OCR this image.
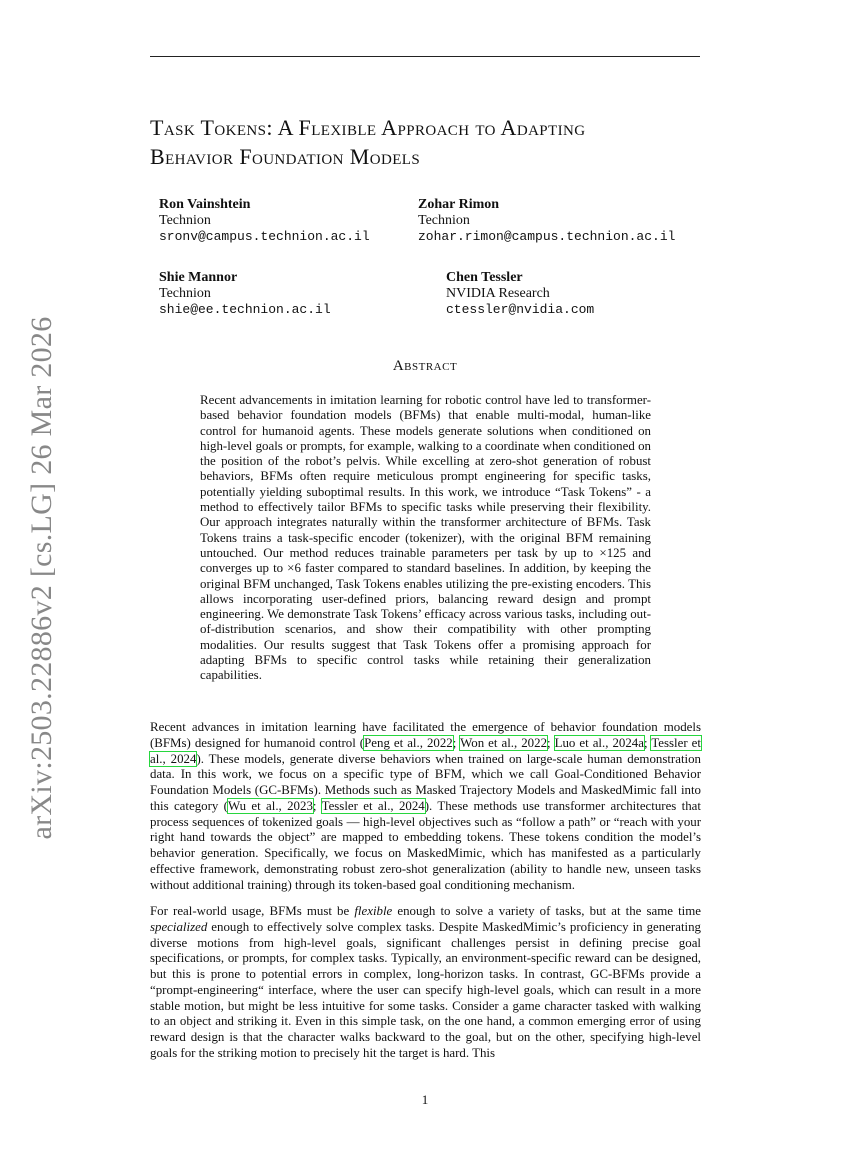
arXiv:2503.22886v2 [cs.LG] 26 Mar 2026
Task Tokens: A Flexible Approach to Adapting
Behavior Foundation Models
Ron Vainshtein
Technion
sronv@campus.technion.ac.il
Zohar Rimon
Technion
zohar.rimon@campus.technion.ac.il
Shie Mannor
Technion
shie@ee.technion.ac.il
Chen Tessler
NVIDIA Research
ctessler@nvidia.com
Abstract

Recent advancements in imitation learning for robotic control have led to transformer-based behavior foundation models (BFMs) that enable multi-modal, human-like control for humanoid agents. These models generate solutions when conditioned on high-level goals or prompts, for example, walking to a coordinate when conditioned on the position of the robot’s pelvis. While excelling at zero-shot generation of robust behaviors, BFMs often require meticulous prompt engineering for specific tasks, potentially yielding suboptimal results. In this work, we introduce “Task Tokens” - a method to effectively tailor BFMs to specific tasks while preserving their flexibility. Our approach integrates naturally within the transformer architecture of BFMs. Task Tokens trains a task-specific encoder (tokenizer), with the original BFM remaining untouched. Our method reduces trainable parameters per task by up to ×125 and converges up to ×6 faster compared to standard baselines. In addition, by keeping the original BFM unchanged, Task Tokens enables utilizing the pre-existing encoders. This allows incorporating user-defined priors, balancing reward design and prompt engineering. We demonstrate Task Tokens’ efficacy across various tasks, including out-of-distribution scenarios, and show their compatibility with other prompting modalities. Our results suggest that Task Tokens offer a promising approach for adapting BFMs to specific control tasks while retaining their generalization capabilities.

Recent advances in imitation learning have facilitated the emergence of behavior foundation models (BFMs) designed for humanoid control (Peng et al., 2022; Won et al., 2022; Luo et al., 2024a; Tessler et al., 2024). These models, generate diverse behaviors when trained on large-scale human demonstration data. In this work, we focus on a specific type of BFM, which we call Goal-Conditioned Behavior Foundation Models (GC-BFMs). Methods such as Masked Trajectory Models and MaskedMimic fall into this category (Wu et al., 2023; Tessler et al., 2024). These methods use transformer architectures that process sequences of tokenized goals — high-level objectives such as “follow a path” or “reach with your right hand towards the object” are mapped to embedding tokens. These tokens condition the model’s behavior generation. Specifically, we focus on MaskedMimic, which has manifested as a particularly effective framework, demonstrating robust zero-shot generalization (ability to handle new, unseen tasks without additional training) through its token-based goal conditioning mechanism.

For real-world usage, BFMs must be flexible enough to solve a variety of tasks, but at the same time specialized enough to effectively solve complex tasks. Despite MaskedMimic’s proficiency in generating diverse motions from high-level goals, significant challenges persist in defining precise goal specifications, or prompts, for complex tasks. Typically, an environment-specific reward can be designed, but this is prone to potential errors in complex, long-horizon tasks. In contrast, GC-BFMs provide a “prompt-engineering“ interface, where the user can specify high-level goals, which can result in a more stable motion, but might be less intuitive for some tasks. Consider a game character tasked with walking to an object and striking it. Even in this simple task, on the one hand, a common emerging error of using reward design is that the character walks backward to the goal, but on the other, specifying high-level goals for the striking motion to precisely hit the target is hard. This

1
